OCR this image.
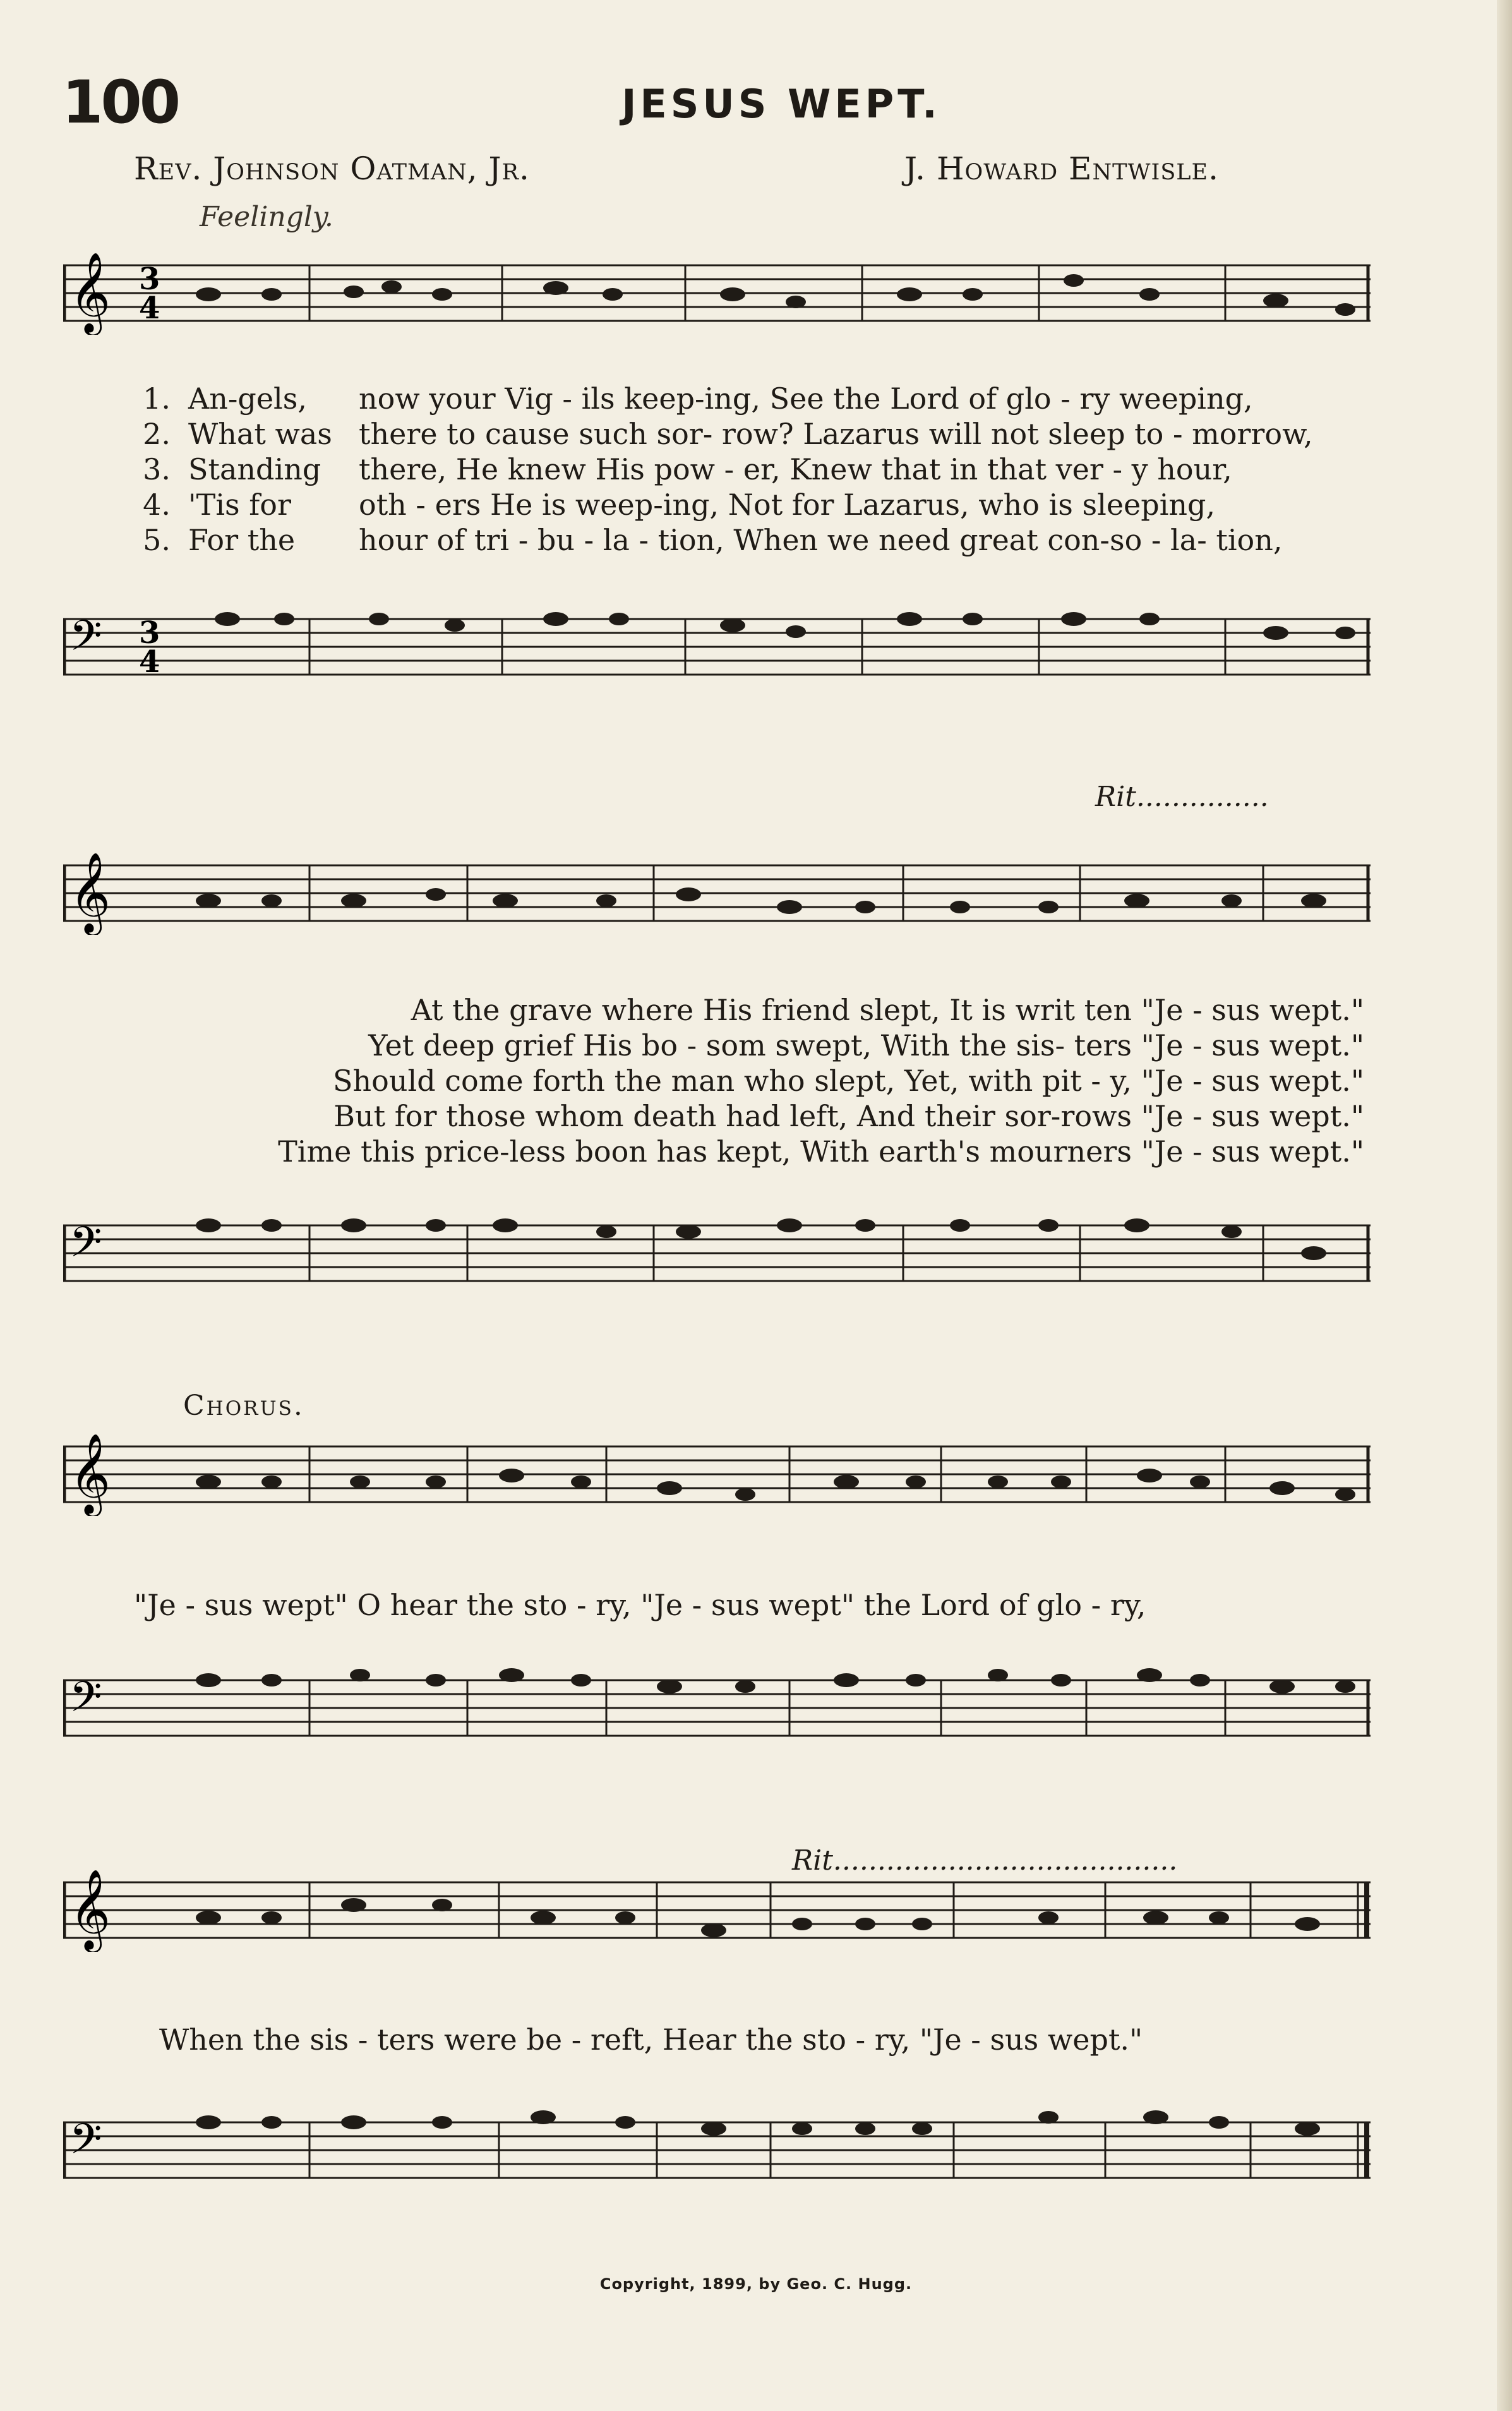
100	JESUS WEPT.
Rev. Johnson Oatman, Jr.	J. Howard Entwisle.
Feelingly.
𝄞 3
4
1. An-gels, now your Vig - ils keep-ing, See the Lord of glo - ry weeping,
2. What was there to cause such sor- row? Lazarus will not sleep to - morrow,
3. Standing there, He knew His pow - er, Knew that in that ver - y hour,
4. 'Tis for oth - ers He is weep-ing, Not for Lazarus, who is sleeping,
5. For the hour of tri - bu - la - tion, When we need great con-so - la- tion,
𝄢 3
4
Rit...............
𝄞
At the grave where His friend slept, It is writ ten "Je - sus wept."
Yet deep grief His bo - som swept, With the sis- ters "Je - sus wept."
Should come forth the man who slept, Yet, with pit - y, "Je - sus wept."
But for those whom death had left, And their sor-rows "Je - sus wept."
Time this price-less boon has kept, With earth's mourners "Je - sus wept."
𝄢
Chorus.
𝄞
"Je - sus wept" O hear the sto - ry, "Je - sus wept" the Lord of glo - ry,
𝄢
Rit.......................................
𝄞
When the sis - ters were be - reft, Hear the sto - ry, "Je - sus wept."
𝄢
Copyright, 1899, by Geo. C. Hugg.
